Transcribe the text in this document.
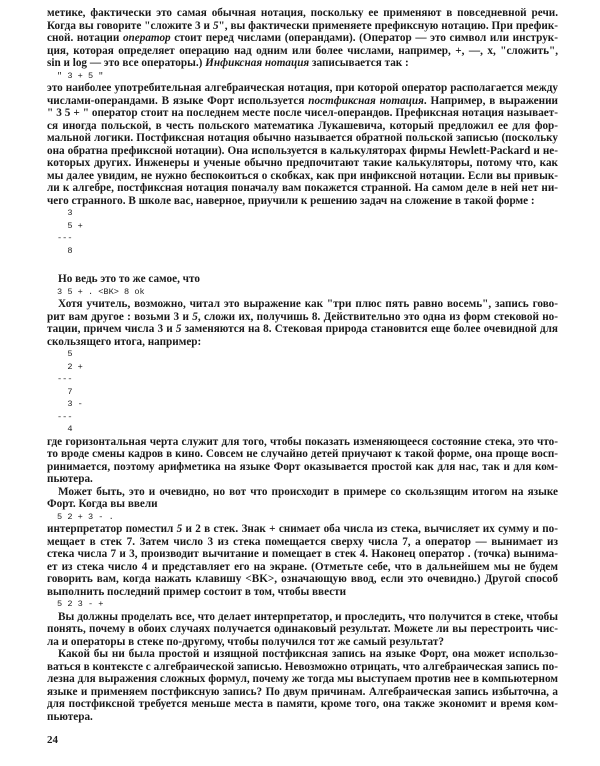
метике, фактически это самая обычная нотация, поскольку ее применяют в повседневной речи.
Когда вы говорите "сложите 3 и 5", вы фактически применяете префиксную нотацию. При префик-
сной. нотации оператор стоит перед числами (операндами). (Оператор — это символ или инструк-
ция, которая определяет операцию над одним или более числами, например, +, —, x, "сложить",
sin и log — это все операторы.) Инфиксная нотация записывается так :
" 3 + 5 "
это наиболее употребительная алгебраическая нотация, при которой оператор располагается между
числами-операндами. В языке Форт используется постфиксная нотация. Например, в выражении
" 3 5 + " оператор стоит на последнем месте после чисел-операндов. Префиксная нотация называет-
ся иногда польской, в честь польского математика Лукашевича, который предложил ее для фор-
мальной логики. Постфиксная нотация обычно называется обратной польской записью (поскольку
она обратна префиксной нотации). Она используется в калькуляторах фирмы Hewlett-Packard и не-
которых других. Инженеры и ученые обычно предпочитают такие калькуляторы, потому что, как
мы далее увидим, не нужно беспокоиться о скобках, как при инфиксной нотации. Если вы привык-
ли к алгебре, постфиксная нотация поначалу вам покажется странной. На самом деле в ней нет ни-
чего странного. В школе вас, наверное, приучили к решению задач на сложение в такой форме :
3
5 +
---
8
Но ведь это то же самое, что
3 5 + . <BK> 8 ok
Хотя учитель, возможно, читал это выражение как "три плюс пять равно восемь", запись гово-
рит вам другое : возьми 3 и 5, сложи их, получишь 8. Действительно это одна из форм стековой но-
тации, причем числа 3 и 5 заменяются на 8. Стековая природа становится еще более очевидной для
скользящего итога, например:
5
2 +
---
7
3 -
---
4
где горизонтальная черта служит для того, чтобы показать изменяющееся состояние стека, это что-
то вроде смены кадров в кино. Совсем не случайно детей приучают к такой форме, она проще восп-
ринимается, поэтому арифметика на языке Форт оказывается простой как для нас, так и для ком-
пьютера.
Может быть, это и очевидно, но вот что происходит в примере со скользящим итогом на языке
Форт. Когда вы ввели
5 2 + 3 - .
интерпретатор поместил 5 и 2 в стек. Знак + снимает оба числа из стека, вычисляет их сумму и по-
мещает в стек 7. Затем число 3 из стека помещается сверху числа 7, а оператор — вынимает из
стека числа 7 и 3, производит вычитание и помещает в стек 4. Наконец оператор . (точка) вынима-
ет из стека число 4 и представляет его на экране. (Отметьте себе, что в дальнейшем мы не будем
говорить вам, когда нажать клавишу <BK>, означающую ввод, если это очевидно.) Другой способ
выполнить последний пример состоит в том, чтобы ввести
5 2 3 - +
Вы должны проделать все, что делает интерпретатор, и проследить, что получится в стеке, чтобы
понять, почему в обоих случаях получается одинаковый результат. Можете ли вы перестроить чис-
ла и операторы в стеке по-другому, чтобы получился тот же самый результат?
Какой бы ни была простой и изящной постфиксная запись на языке Форт, она может использо-
ваться в контексте с алгебраической записью. Невозможно отрицать, что алгебраическая запись по-
лезна для выражения сложных формул, почему же тогда мы выступаем против нее в компьютерном
языке и применяем постфиксную запись? По двум причинам. Алгебраическая запись избыточна, а
для постфиксной требуется меньше места в памяти, кроме того, она также экономит и время ком-
пьютера.
24
